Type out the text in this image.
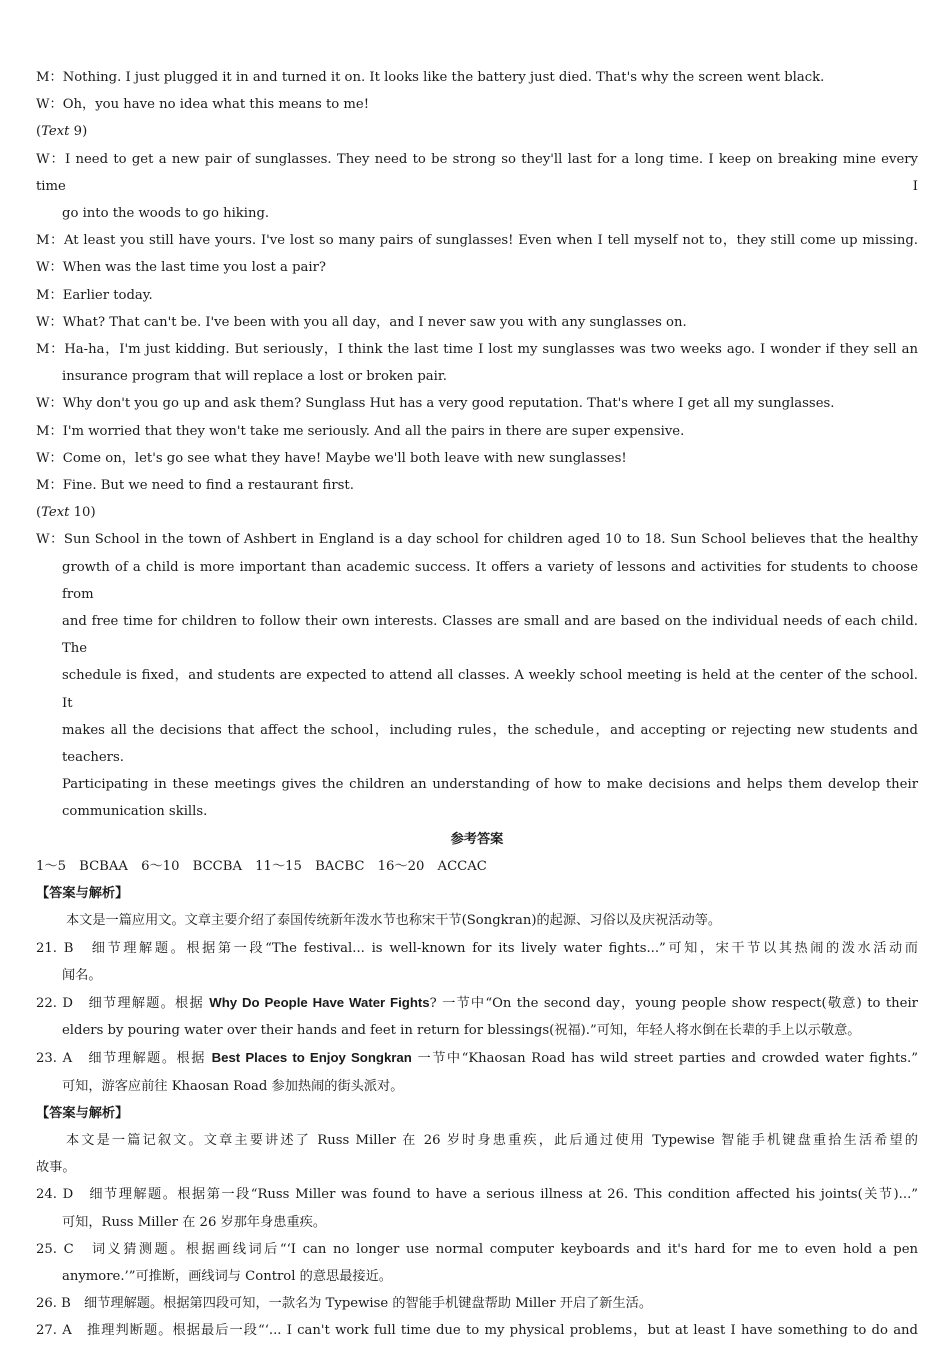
M：Nothing. I just plugged it in and turned it on. It looks like the battery just died. That's why the screen went black.
W：Oh，you have no idea what this means to me!
(Text 9)
W：I need to get a new pair of sunglasses. They need to be strong so they'll last for a long time. I keep on breaking mine every time I
go into the woods to go hiking.
M：At least you still have yours. I've lost so many pairs of sunglasses! Even when I tell myself not to，they still come up missing.
W：When was the last time you lost a pair?
M：Earlier today.
W：What? That can't be. I've been with you all day，and I never saw you with any sunglasses on.
M：Ha-ha，I'm just kidding. But seriously，I think the last time I lost my sunglasses was two weeks ago. I wonder if they sell an
insurance program that will replace a lost or broken pair.
W：Why don't you go up and ask them? Sunglass Hut has a very good reputation. That's where I get all my sunglasses.
M：I'm worried that they won't take me seriously. And all the pairs in there are super expensive.
W：Come on，let's go see what they have! Maybe we'll both leave with new sunglasses!
M：Fine. But we need to find a restaurant first.
(Text 10)
W：Sun School in the town of Ashbert in England is a day school for children aged 10 to 18. Sun School believes that the healthy
growth of a child is more important than academic success. It offers a variety of lessons and activities for students to choose from
and free time for children to follow their own interests. Classes are small and are based on the individual needs of each child. The
schedule is fixed，and students are expected to attend all classes. A weekly school meeting is held at the center of the school. It
makes all the decisions that affect the school，including rules，the schedule，and accepting or rejecting new students and teachers.
Participating in these meetings gives the children an understanding of how to make decisions and helps them develop their
communication skills.
参考答案
1～5　BCBAA　6～10　BCCBA　11～15　BACBC　16～20　ACCAC
【答案与解析】
本文是一篇应用文。文章主要介绍了泰国传统新年泼水节也称宋干节(Songkran)的起源、习俗以及庆祝活动等。
21. B　细节理解题。根据第一段“The festival... is well-known for its lively water fights...”可知，宋干节以其热闹的泼水活动而
闻名。
22. D　细节理解题。根据 Why Do People Have Water Fights? 一节中“On the second day，young people show respect(敬意) to their
elders by pouring water over their hands and feet in return for blessings(祝福).”可知，年轻人将水倒在长辈的手上以示敬意。
23. A　细节理解题。根据 Best Places to Enjoy Songkran 一节中“Khaosan Road has wild street parties and crowded water fights.”
可知，游客应前往 Khaosan Road 参加热闹的街头派对。
【答案与解析】
本文是一篇记叙文。文章主要讲述了 Russ Miller 在 26 岁时身患重疾，此后通过使用 Typewise 智能手机键盘重拾生活希望的
故事。
24. D　细节理解题。根据第一段“Russ Miller was found to have a serious illness at 26. This condition affected his joints(关节)...”
可知，Russ Miller 在 26 岁那年身患重疾。
25. C　词义猜测题。根据画线词后“‘I can no longer use normal computer keyboards and it's hard for me to even hold a pen
anymore.’”可推断，画线词与 Control 的意思最接近。
26. B　细节理解题。根据第四段可知，一款名为 Typewise 的智能手机键盘帮助 Miller 开启了新生活。
27. A　推理判断题。根据最后一段“‘... I can't work full time due to my physical problems，but at least I have something to do and
